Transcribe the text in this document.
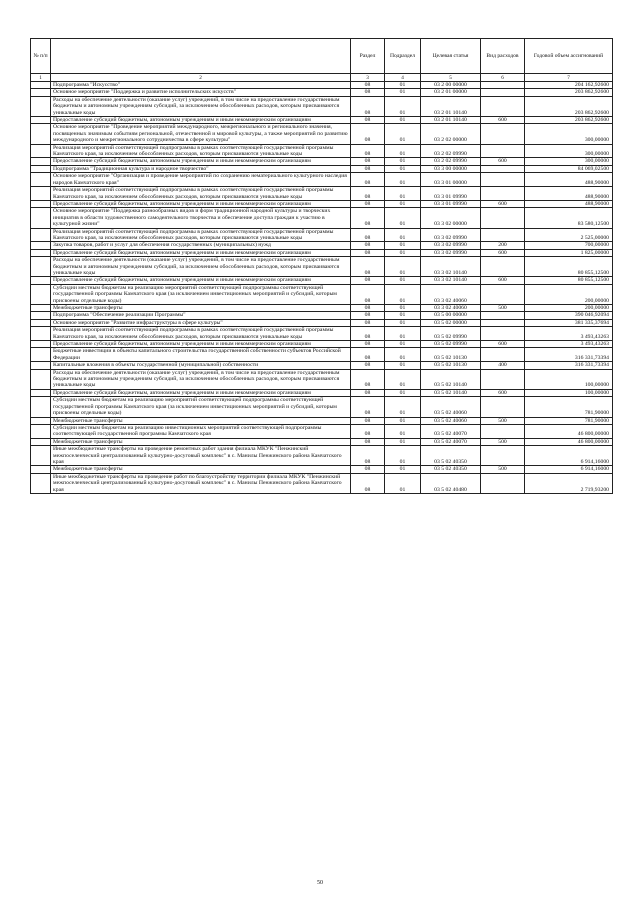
№ п/п		Раздел	Подраздел	Целевая статья	Вид расходов	Годовой объем ассигнований
1	2	3	4	5	6	7
	Подпрограмма "Искусство"	08	01	03 2 00 00000		204 162,92600
	Основное мероприятие "Поддержка и развитие исполнительских искусств"	08	01	03 2 01 00000		203 862,92600
	Расходы на обеспечение деятельности (оказание услуг) учреждений, в том числе на предоставление государственным бюджетным и автономным учреждениям субсидий, за исключением обособленных расходов, которым присваиваются уникальные коды	08	01	03 2 01 10140		203 862,92600
	Предоставление субсидий бюджетным, автономным учреждениям и иным некоммерческим организациям	08	01	03 2 01 10140	600	203 862,92600
	Основное мероприятие "Проведение мероприятий международного, межрегионального и регионального значения, посвященных значимым событиям региональной, отечественной и мировой культуры, а также мероприятий по развитию международного и межрегионального сотрудничества в сфере культуры"	08	01	03 2 02 00000		300,00000
	Реализация мероприятий соответствующей подпрограммы в рамках соответствующей государственной программы Камчатского края, за исключением обособленных расходов, которым присваиваются уникальные коды	08	01	03 2 02 09990		300,00000
	Предоставление субсидий бюджетным, автономным учреждениям и иным некоммерческим организациям	08	01	03 2 02 09990	600	300,00000
	Подпрограмма "Традиционная культура и народное творчество"	08	01	03 3 00 00000		84 069,02500
	Основное мероприятие "Организация и проведение мероприятий по сохранению нематериального культурного наследия народов Камчатского края"	08	01	03 3 01 00000		488,90000
	Реализация мероприятий соответствующей подпрограммы в рамках соответствующей государственной программы Камчатского края, за исключением обособленных расходов, которым присваиваются уникальные коды	08	01	03 3 01 09990		488,90000
	Предоставление субсидий бюджетным, автономным учреждениям и иным некоммерческим организациям	08	01	03 3 01 09990	600	488,90000
	Основное мероприятие "Поддержка разнообразных видов и форм традиционной народной культуры и творческих инициатив в области художественного самодеятельного творчества и обеспечение доступа граждан к участию в культурной жизни"	08	01	03 3 02 00000		83 580,12500
	Реализация мероприятий соответствующей подпрограммы в рамках соответствующей государственной программы Камчатского края, за исключением обособленных расходов, которым присваиваются уникальные коды	08	01	03 3 02 09990		2 525,00000
	Закупка товаров, работ и услуг для обеспечения государственных (муниципальных) нужд	08	01	03 3 02 09990	200	700,00000
	Предоставление субсидий бюджетным, автономным учреждениям и иным некоммерческим организациям	08	01	03 3 02 09990	600	1 825,00000
	Расходы на обеспечение деятельности (оказание услуг) учреждений, в том числе на предоставление государственным бюджетным и автономным учреждениям субсидий, за исключением обособленных расходов, которым присваиваются уникальные коды	08	01	03 3 02 10140		80 855,12500
	Предоставление субсидий бюджетным, автономным учреждениям и иным некоммерческим организациям	08	01	03 3 02 10140	600	80 855,12500
	Субсидии местным бюджетам на реализацию мероприятий соответствующей подпрограммы соответствующей государственной программы Камчатского края (за исключением инвестиционных мероприятий и субсидий, которым присвоены отдельные коды)	08	01	03 3 02 40060		200,00000
	Межбюджетные трансферты	08	01	03 3 02 40060	500	200,00000
	Подпрограмма "Обеспечение реализации Программы"	08	01	03 5 00 00000		390 046,92094
	Основное мероприятие "Развитие инфраструктуры в сфере культуры"	08	01	03 5 02 00000		381 335,37694
	Реализация мероприятий соответствующей подпрограммы в рамках соответствующей государственной программы Камчатского края, за исключением обособленных расходов, которым присваиваются уникальные коды	08	01	03 5 02 09990		3 493,43263
	Предоставление субсидий бюджетным, автономным учреждениям и иным некоммерческим организациям	08	01	03 5 02 09990	600	3 493,43263
	Бюджетные инвестиции в объекты капитального строительства государственной собственности субъектов Российской Федерации	08	01	03 5 02 10130		316 331,73394
	Капитальные вложения в объекты государственной (муниципальной) собственности	08	01	03 5 02 10130	400	316 331,73394
	Расходы на обеспечение деятельности (оказание услуг) учреждений, в том числе на предоставление государственным бюджетным и автономным учреждениям субсидий, за исключением обособленных расходов, которым присваиваются уникальные коды	08	01	03 5 02 10140		100,00000
	Предоставление субсидий бюджетным, автономным учреждениям и иным некоммерческим организациям	08	01	03 5 02 10140	600	100,00000
	Субсидии местным бюджетам на реализацию мероприятий соответствующей подпрограммы соответствующей государственной программы Камчатского края (за исключением инвестиционных мероприятий и субсидий, которым присвоены отдельные коды)	08	01	03 5 02 40060		781,90000
	Межбюджетные трансферты	08	01	03 5 02 40060	500	781,90000
	Субсидии местным бюджетам на реализацию инвестиционных мероприятий соответствующей подпрограммы соответствующей государственной программы Камчатского края	08	01	03 5 02 40070		46 800,00000
	Межбюджетные трансферты	08	01	03 5 02 40070	500	46 800,00000
	Иные межбюджетные трансферты на проведение ремонтных работ здания филиала МКУК "Пенжинский межпоселенческий централизованный культурно-досуговый комплекс" в с. Манилы Пенжинского района Камчатского края	08	01	03 5 02 40350		6 914,16000
	Межбюджетные трансферты	08	01	03 5 02 40350	500	6 914,16000
	Иные межбюджетные трансферты на проведение работ по благоустройству территории филиала МКУК "Пенжинский межпоселенческий централизованный культурно-досуговый комплекс" в с. Манилы Пенжинского района Камчатского края	08	01	03 5 02 40480		2 719,93200
50
